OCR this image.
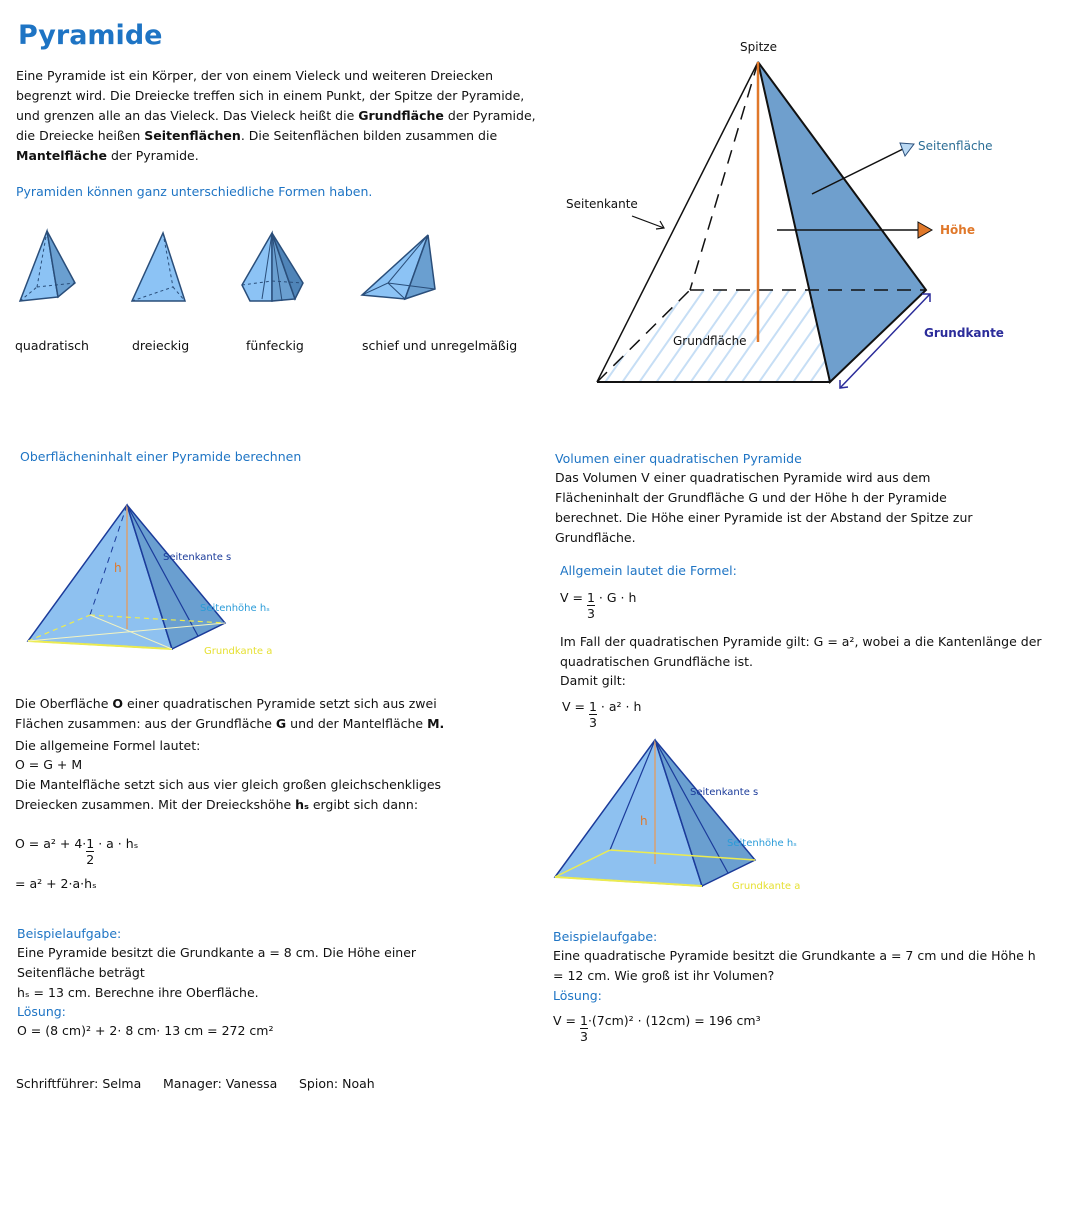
Pyramide
Eine Pyramide ist ein Körper, der von einem Vieleck und weiteren Dreiecken begrenzt wird. Die Dreiecke treffen sich in einem Punkt, der Spitze der Pyramide, und grenzen alle an das Vieleck. Das Vieleck heißt die Grundfläche der Pyramide, die Dreiecke heißen Seitenflächen. Die Seitenflächen bilden zusammen die Mantelfläche der Pyramide.
Pyramiden können ganz unterschiedliche Formen haben.
quadratisch	dreieckig	fünfeckig	schief und unregelmäßig
Spitze
Seitenfläche
Seitenkante
Höhe
Grundfläche
Grundkante
Oberflächeninhalt einer Pyramide berechnen
h
Seitenkante s
Seitenhöhe hₛ
Grundkante a
Die Oberfläche O einer quadratischen Pyramide setzt sich aus zwei Flächen zusammen: aus der Grundfläche G und der Mantelfläche M.
Die allgemeine Formel lautet:
O = G + M
Die Mantelfläche setzt sich aus vier gleich großen gleichschenkliges Dreiecken zusammen. Mit der Dreieckshöhe hₛ ergibt sich dann:
$O = a^2 + 4\cdot \frac{1}{2} \cdot a \cdot h_s$
= a² + 2·a·hₛ
Beispielaufgabe:
Eine Pyramide besitzt die Grundkante a = 8 cm. Die Höhe einer Seitenfläche beträgt
hₛ = 13 cm. Berechne ihre Oberfläche.
Lösung:
O = (8 cm)² + 2· 8 cm· 13 cm = 272 cm²
Volumen einer quadratischen Pyramide
Das Volumen V einer quadratischen Pyramide wird aus dem Flächeninhalt der Grundfläche G und der Höhe h der Pyramide berechnet. Die Höhe einer Pyramide ist der Abstand der Spitze zur Grundfläche.
Allgemein lautet die Formel:
$V = \frac{1}{3} \cdot G \cdot h$
Im Fall der quadratischen Pyramide gilt: G = a², wobei a die Kantenlänge der quadratischen Grundfläche ist.
Damit gilt:
$V = \frac{1}{3} \cdot a^2 \cdot h$
h
Seitenkante s
Seitenhöhe hₛ
Grundkante a
Beispielaufgabe:
Eine quadratische Pyramide besitzt die Grundkante a = 7 cm und die Höhe h = 12 cm. Wie groß ist ihr Volumen?
Lösung:
$V = \frac{1}{3} \cdot(7cm)^2 \cdot (12cm) = 196$ cm³
Schriftführer: Selma Manager: Vanessa Spion: Noah
